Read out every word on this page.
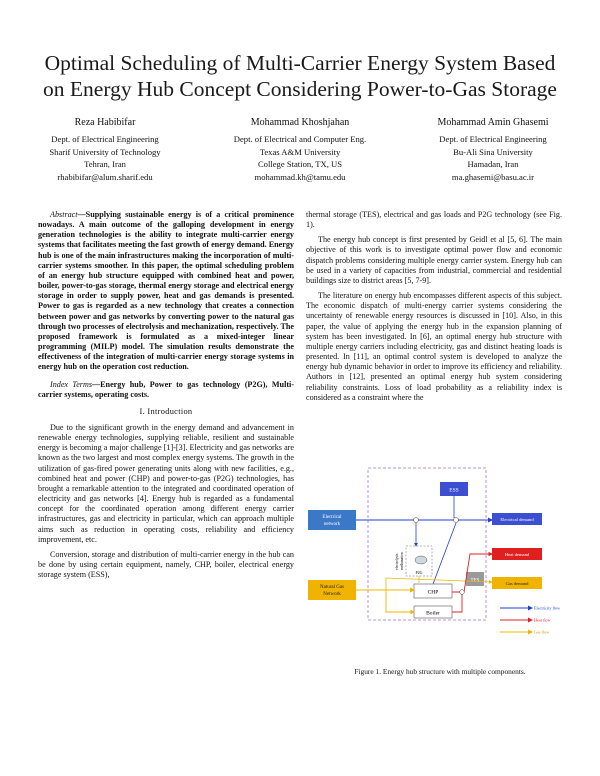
Optimal Scheduling of Multi-Carrier Energy System Based
on Energy Hub Concept Considering Power-to-Gas Storage
Reza Habibifar
Dept. of Electrical Engineering
Sharif University of Technology
Tehran, Iran
rhabibifar@alum.sharif.edu
Mohammad Khoshjahan
Dept. of Electrical and Computer Eng.
Texas A&M University
College Station, TX, US
mohammad.kh@tamu.edu
Mohammad Amin Ghasemi
Dept. of Electrical Engineering
Bu-Ali Sina University
Hamadan, Iran
ma.ghasemi@basu.ac.ir

Abstract—Supplying sustainable energy is of a critical prominence nowadays. A main outcome of the galloping development in energy generation technologies is the ability to integrate multi-carrier energy systems that facilitates meeting the fast growth of energy demand. Energy hub is one of the main infrastructures making the incorporation of multi-carrier systems smoother. In this paper, the optimal scheduling problem of an energy hub structure equipped with combined heat and power, boiler, power-to-gas storage, thermal energy storage and electrical energy storage in order to supply power, heat and gas demands is presented. Power to gas is regarded as a new technology that creates a connection between power and gas networks by converting power to the natural gas through two processes of electrolysis and mechanization, respectively. The proposed framework is formulated as a mixed-integer linear programming (MILP) model. The simulation results demonstrate the effectiveness of the integration of multi-carrier energy storage systems in energy hub on the operation cost reduction.

Index Terms—Energy hub, Power to gas technology (P2G), Multi-carrier systems, operating costs.

I. Introduction

Due to the significant growth in the energy demand and advancement in renewable energy technologies, supplying reliable, resilient and sustainable energy is becoming a major challenge [1]-[3]. Electricity and gas networks are known as the two largest and most complex energy systems. The growth in the utilization of gas-fired power generating units along with new facilities, e.g., combined heat and power (CHP) and power-to-gas (P2G) technologies, has brought a remarkable attention to the integrated and coordinated operation of electricity and gas networks [4]. Energy hub is regarded as a fundamental concept for the coordinated operation among different energy carrier infrastructures, gas and electricity in particular, which can approach multiple aims such as reduction in operating costs, reliability and efficiency improvement, etc.

Conversion, storage and distribution of multi-carrier energy in the hub can be done by using certain equipment, namely, CHP, boiler, electrical energy storage system (ESS),

thermal storage (TES), electrical and gas loads and P2G technology (see Fig. 1).

The energy hub concept is first presented by Geidl et al [5, 6]. The main objective of this work is to investigate optimal power flow and economic dispatch problems considering multiple energy carrier system. Energy hub can be used in a variety of capacities from industrial, commercial and residential buildings size to district areas [5, 7-9].

The literature on energy hub encompasses different aspects of this subject. The economic dispatch of multi-energy carrier systems considering the uncertainty of renewable energy resources is discussed in [10]. Also, in this paper, the value of applying the energy hub in the expansion planning of system has been investigated. In [6], an optimal energy hub structure with multiple energy carriers including electricity, gas and distinct heating loads is presented. In [11], an optimal control system is developed to analyze the energy hub dynamic behavior in order to improve its efficiency and reliability. Authors in [12], presented an optimal energy hub system considering reliability constraints. Loss of load probability as a reliability index is considered as a constraint where the

Electrical
network
Natural Gas
Network
ESS
Electrical demand
Heat demand
Gas demand
CHP
Boiler
TES
P2G
electrolysis methanation
Electricity flow
Heat flow
Gas flow
Figure 1. Energy hub structure with multiple components.
